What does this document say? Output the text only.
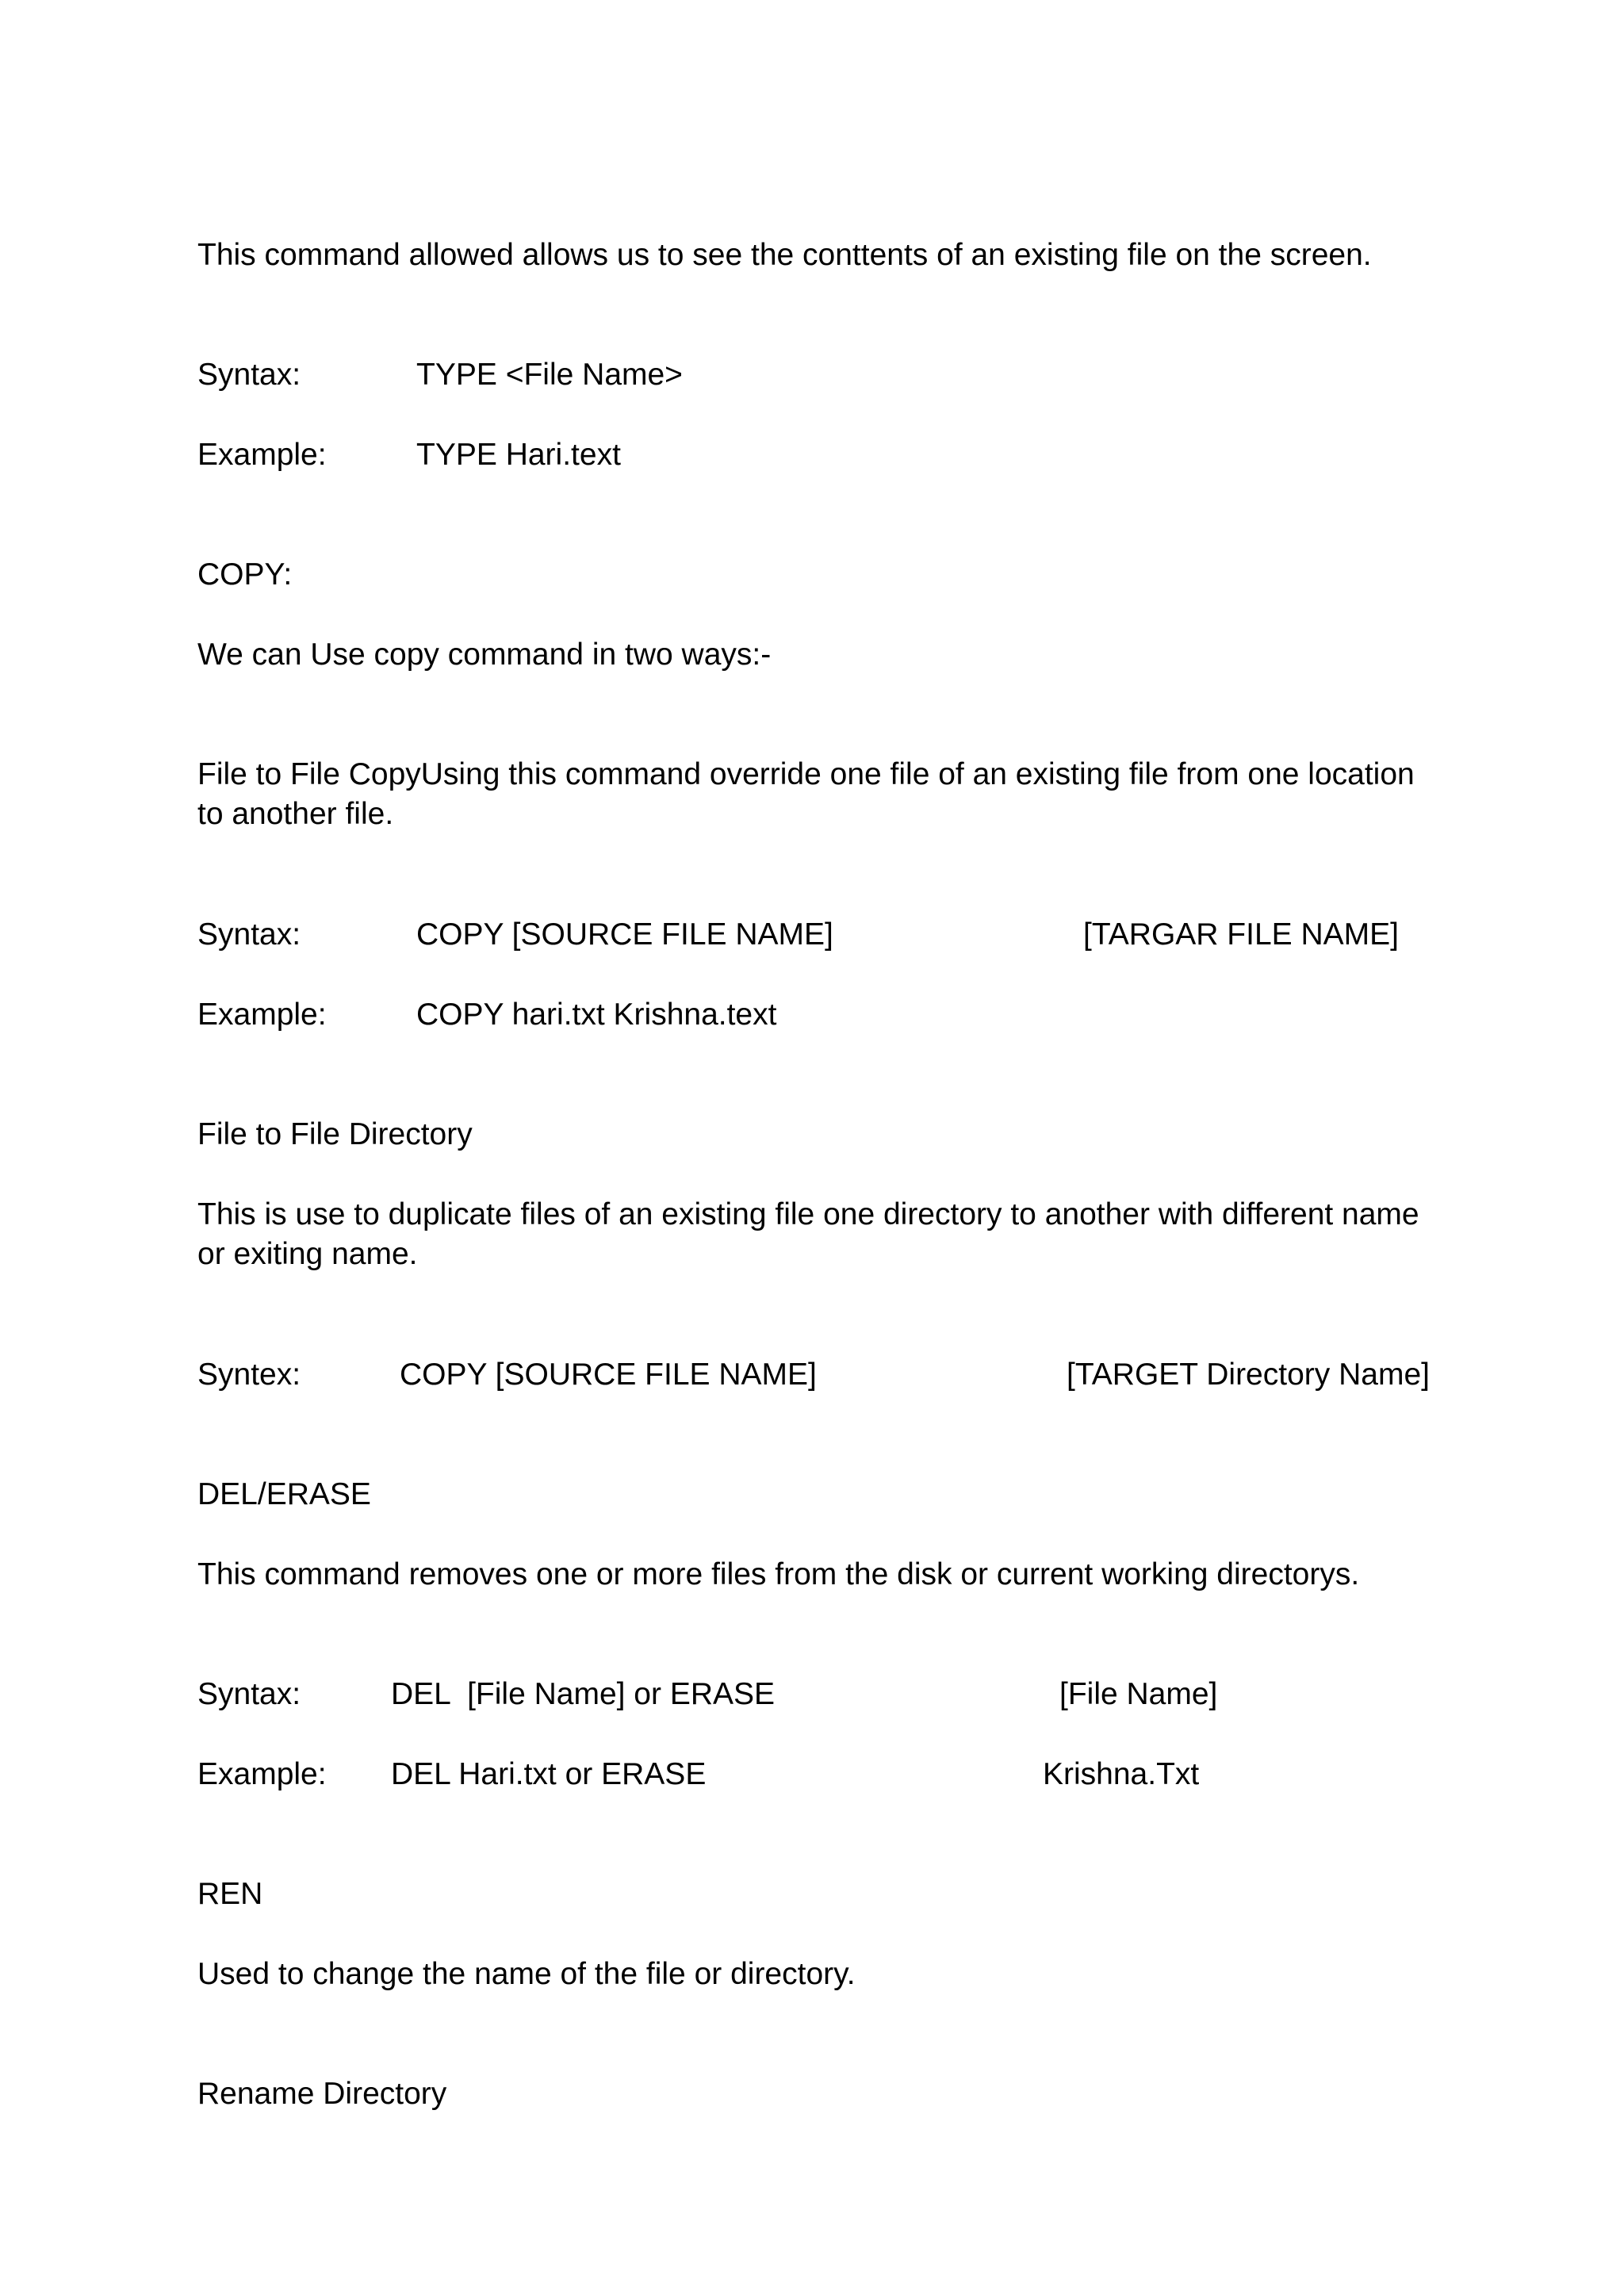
This command allowed allows us to see the conttents of an existing file on the screen.
Syntax:	TYPE <File Name>
Example:	TYPE Hari.text
COPY:
We can Use copy command in two ways:-
File to File CopyUsing this command override one file of an existing file from one location to another file.
Syntax:	COPY [SOURCE FILE NAME]	[TARGAR FILE NAME]
Example:	COPY hari.txt Krishna.text
File to File Directory
This is use to duplicate files of an existing file one directory to another with different name or exiting name.
Syntex:	COPY [SOURCE FILE NAME]	[TARGET Directory Name]
DEL/ERASE
This command removes one or more files from the disk or current working directorys.
Syntax:	DEL  [File Name] or ERASE	[File Name]
Example: DEL Hari.txt or ERASE	Krishna.Txt
REN
Used to change the name of the file or directory.
Rename Directory
